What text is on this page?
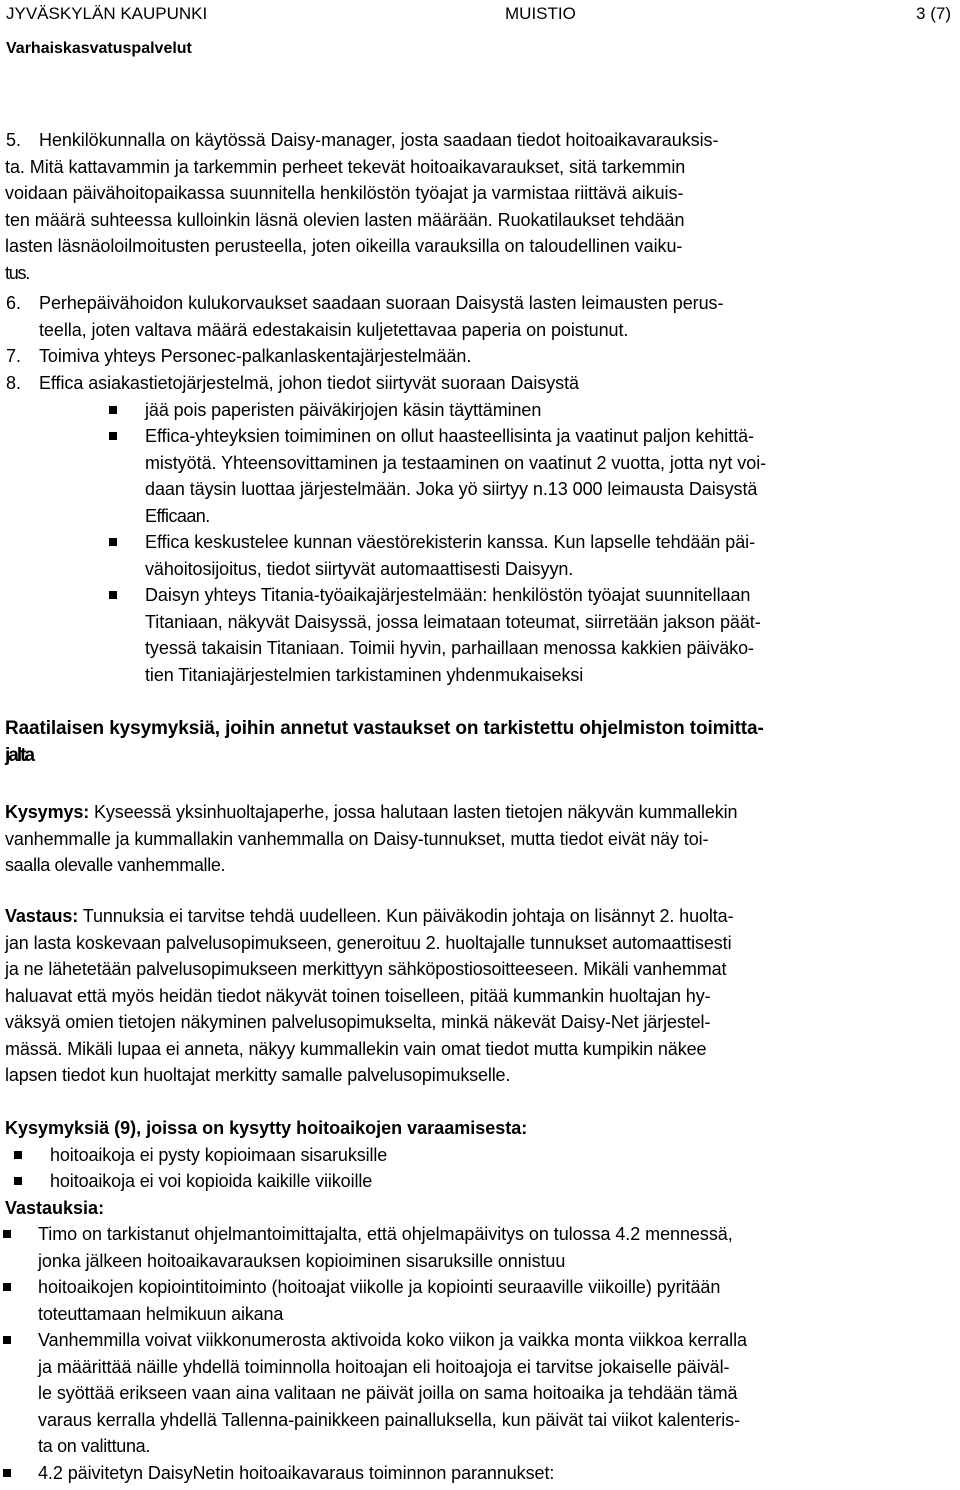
JYVÄSKYLÄN KAUPUNKI	MUISTIO	3 (7)
Varhaiskasvatuspalvelut
5. Henkilökunnalla on käytössä Daisy-manager, josta saadaan tiedot hoitoaikavarauksis-
ta. Mitä kattavammin ja tarkemmin perheet tekevät hoitoaikavaraukset, sitä tarkemmin
voidaan päivähoitopaikassa suunnitella henkilöstön työajat ja varmistaa riittävä aikuis-
ten määrä suhteessa kulloinkin läsnä olevien lasten määrään. Ruokatilaukset tehdään
lasten läsnäoloilmoitusten perusteella, joten oikeilla varauksilla on taloudellinen vaiku-
tus.
6. Perhepäivähoidon kulukorvaukset saadaan suoraan Daisystä lasten leimausten perus-
teella, joten valtava määrä edestakaisin kuljetettavaa paperia on poistunut.
7. Toimiva yhteys Personec-palkanlaskentajärjestelmään.
8. Effica asiakastietojärjestelmä, johon tiedot siirtyvät suoraan Daisystä
jää pois paperisten päiväkirjojen käsin täyttäminen
Effica-yhteyksien toimiminen on ollut haasteellisinta ja vaatinut paljon kehittä-
mistyötä. Yhteensovittaminen ja testaaminen on vaatinut 2 vuotta, jotta nyt voi-
daan täysin luottaa järjestelmään. Joka yö siirtyy n.13 000 leimausta Daisystä
Efficaan.
Effica keskustelee kunnan väestörekisterin kanssa. Kun lapselle tehdään päi-
vähoitosijoitus, tiedot siirtyvät automaattisesti Daisyyn.
Daisyn yhteys Titania-työaikajärjestelmään: henkilöstön työajat suunnitellaan
Titaniaan, näkyvät Daisyssä, jossa leimataan toteumat, siirretään jakson päät-
tyessä takaisin Titaniaan. Toimii hyvin, parhaillaan menossa kakkien päiväko-
tien Titaniajärjestelmien tarkistaminen yhdenmukaiseksi
Raatilaisen kysymyksiä, joihin annetut vastaukset on tarkistettu ohjelmiston toimitta-
jalta
Kysymys: Kyseessä yksinhuoltajaperhe, jossa halutaan lasten tietojen näkyvän kummallekin
vanhemmalle ja kummallakin vanhemmalla on Daisy-tunnukset, mutta tiedot eivät näy toi-
saalla olevalle vanhemmalle.
Vastaus: Tunnuksia ei tarvitse tehdä uudelleen. Kun päiväkodin johtaja on lisännyt 2. huolta-
jan lasta koskevaan palvelusopimukseen, generoituu 2. huoltajalle tunnukset automaattisesti
ja ne lähetetään palvelusopimukseen merkittyyn sähköpostiosoitteeseen. Mikäli vanhemmat
haluavat että myös heidän tiedot näkyvät toinen toiselleen, pitää kummankin huoltajan hy-
väksyä omien tietojen näkyminen palvelusopimukselta, minkä näkevät Daisy-Net järjestel-
mässä. Mikäli lupaa ei anneta, näkyy kummallekin vain omat tiedot mutta kumpikin näkee
lapsen tiedot kun huoltajat merkitty samalle palvelusopimukselle.
Kysymyksiä (9), joissa on kysytty hoitoaikojen varaamisesta:
hoitoaikoja ei pysty kopioimaan sisaruksille
hoitoaikoja ei voi kopioida kaikille viikoille
Vastauksia:
Timo on tarkistanut ohjelmantoimittajalta, että ohjelmapäivitys on tulossa 4.2 mennessä,
jonka jälkeen hoitoaikavarauksen kopioiminen sisaruksille onnistuu
hoitoaikojen kopiointitoiminto (hoitoajat viikolle ja kopiointi seuraaville viikoille) pyritään
toteuttamaan helmikuun aikana
Vanhemmilla voivat viikkonumerosta aktivoida koko viikon ja vaikka monta viikkoa kerralla
ja määrittää näille yhdellä toiminnolla hoitoajan eli hoitoajoja ei tarvitse jokaiselle päiväl-
le syöttää erikseen vaan aina valitaan ne päivät joilla on sama hoitoaika ja tehdään tämä
varaus kerralla yhdellä Tallenna-painikkeen painalluksella, kun päivät tai viikot kalenteris-
ta on valittuna.
4.2 päivitetyn DaisyNetin hoitoaikavaraus toiminnon parannukset:
